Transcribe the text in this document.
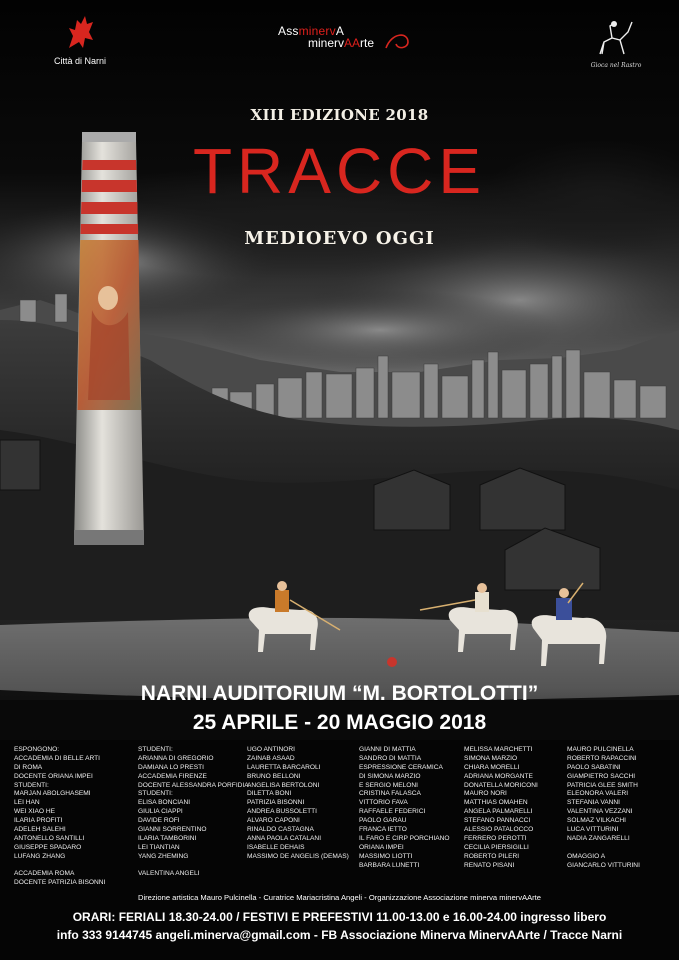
Città di Narni
AssminervA
minervAArte
Gioca nel Rastro
XIII EDIZIONE 2018
TRACCE
MEDIOEVO OGGI
NARNI AUDITORIUM “M. BORTOLOTTI”
25 APRILE - 20 MAGGIO 2018
ESPONGONO:
ACCADEMIA DI BELLE ARTI
DI ROMA
DOCENTE ORIANA IMPEI
STUDENTI:
MARJAN ABOLGHASEMI
LEI HAN
WEI XIAO HE
ILARIA PROFITI
ADELEH SALEHI
ANTONELLO SANTILLI
GIUSEPPE SPADARO
LUFANG ZHANG
ACCADEMIA ROMA
DOCENTE PATRIZIA BISONNI
STUDENTI:
ARIANNA DI GREGORIO
DAMIANA LO PRESTI
ACCADEMIA FIRENZE
DOCENTE ALESSANDRA PORFIDIA
STUDENTI:
ELISA BONCIANI
GIULIA CIAPPI
DAVIDE ROFI
GIANNI SORRENTINO
ILARIA TAMBORINI
LEI TIANTIAN
YANG ZHEMING
VALENTINA ANGELI
UGO ANTINORI
ZAINAB ASAAD
LAURETTA BARCAROLI
BRUNO BELLONI
ANGELISA BERTOLONI
DILETTA BONI
PATRIZIA BISONNI
ANDREA BUSSOLETTI
ALVARO CAPONI
RINALDO CASTAGNA
ANNA PAOLA CATALANI
ISABELLE DEHAIS
MASSIMO DE ANGELIS (DEMAS)
GIANNI DI MATTIA
SANDRO DI MATTIA
ESPRESSIONE CERAMICA
DI SIMONA MARZIO
E SERGIO MELONI
CRISTINA FALASCA
VITTORIO FAVA
RAFFAELE FEDERICI
PAOLO GARAU
FRANCA IETTO
IL FARO E CIRP PORCHIANO
ORIANA IMPEI
MASSIMO LIOTTI
BARBARA LUNETTI
MELISSA MARCHETTI
SIMONA MARZIO
CHIARA MORELLI
ADRIANA MORGANTE
DONATELLA MORICONI
MAURO NORI
MATTHIAS OMAHEN
ANGELA PALMARELLI
STEFANO PANNACCI
ALESSIO PATALOCCO
FERRERO PEROTTI
CECILIA PIERSIGILLI
ROBERTO PILERI
RENATO PISANI
MAURO PULCINELLA
ROBERTO RAPACCINI
PAOLO SABATINI
GIAMPIETRO SACCHI
PATRICIA GLEE SMITH
ELEONORA VALERI
STEFANIA VANNI
VALENTINA VEZZANI
SOLMAZ VILKACHI
LUCA VITTURINI
NADIA ZANGARELLI
OMAGGIO A
GIANCARLO VITTURINI
Direzione artistica Mauro Pulcinella - Curatrice Mariacristina Angeli - Organizzazione Associazione minerva minervAArte
ORARI: FERIALI 18.30-24.00 / FESTIVI E PREFESTIVI 11.00-13.00 e 16.00-24.00 ingresso libero
info 333 9144745 angeli.minerva@gmail.com - FB Associazione Minerva MinervAArte / Tracce Narni
